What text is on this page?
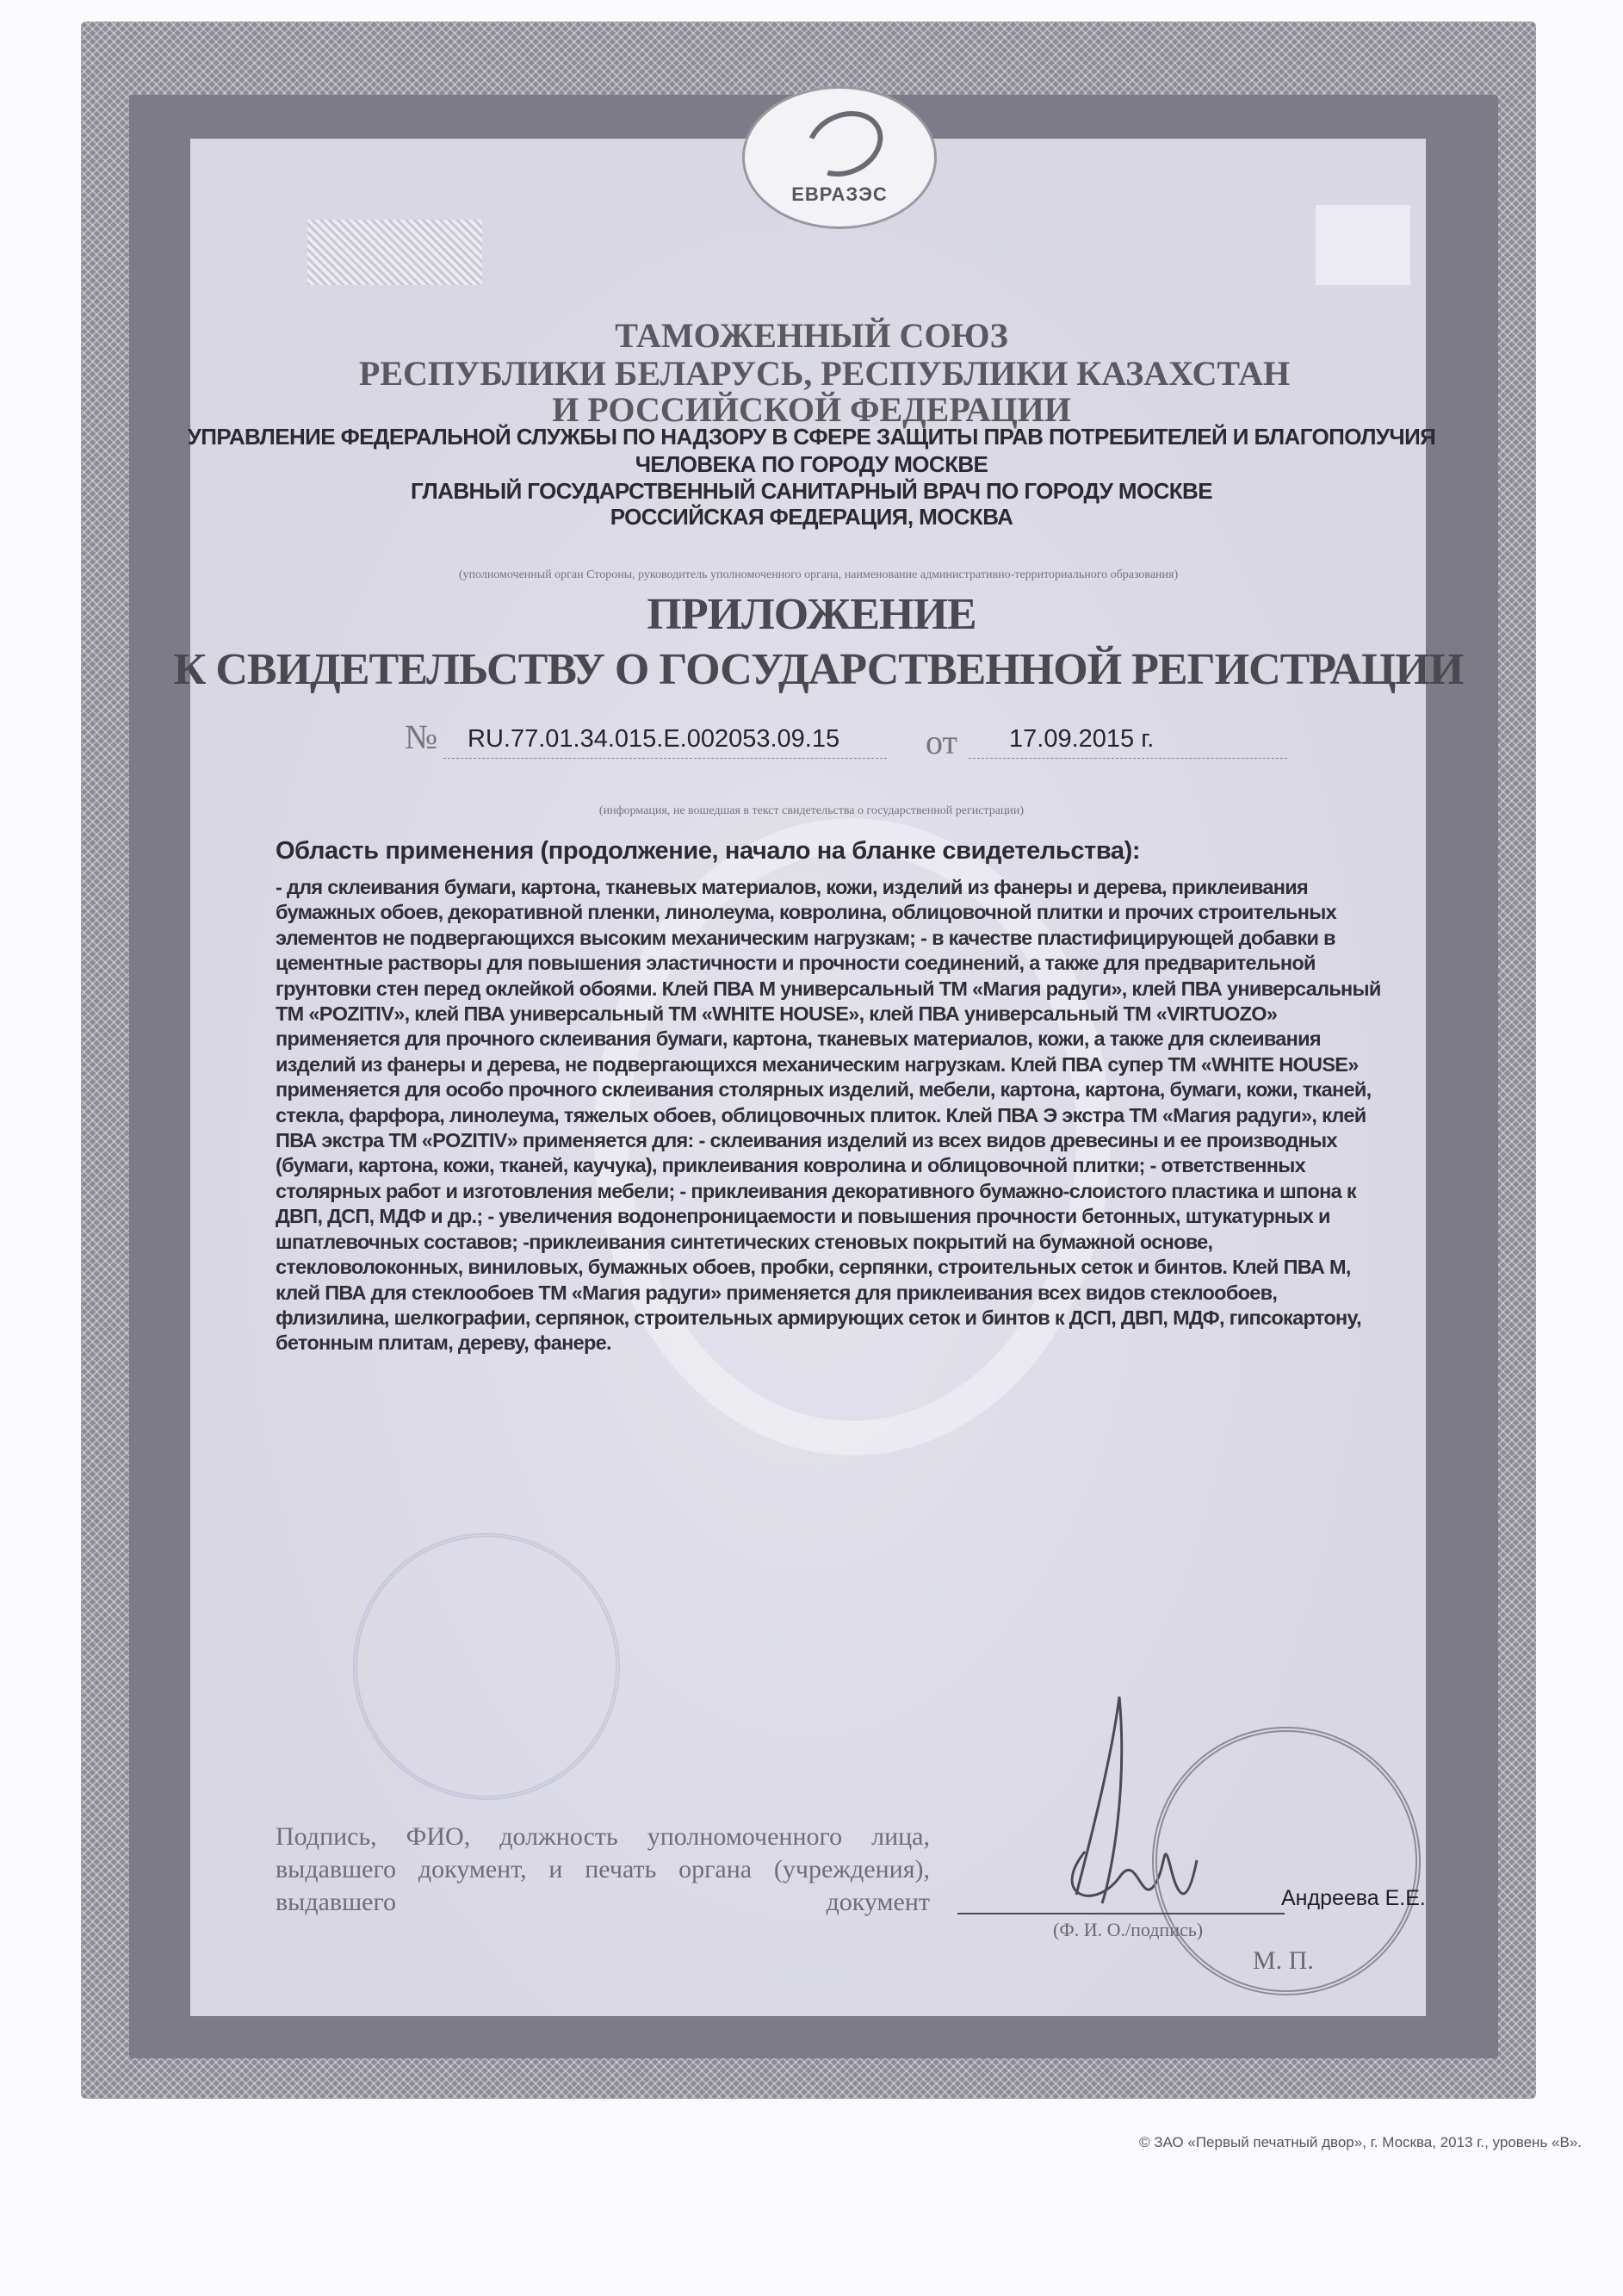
ЕВРАЗЭС
ТАМОЖЕННЫЙ СОЮЗ
РЕСПУБЛИКИ БЕЛАРУСЬ, РЕСПУБЛИКИ КАЗАХСТАН
И РОССИЙСКОЙ ФЕДЕРАЦИИ
УПРАВЛЕНИЕ ФЕДЕРАЛЬНОЙ СЛУЖБЫ ПО НАДЗОРУ В СФЕРЕ ЗАЩИТЫ ПРАВ ПОТРЕБИТЕЛЕЙ И БЛАГОПОЛУЧИЯ
ЧЕЛОВЕКА ПО ГОРОДУ МОСКВЕ
ГЛАВНЫЙ ГОСУДАРСТВЕННЫЙ САНИТАРНЫЙ ВРАЧ ПО ГОРОДУ МОСКВЕ
РОССИЙСКАЯ ФЕДЕРАЦИЯ, МОСКВА
(уполномоченный орган Стороны, руководитель уполномоченного органа, наименование административно-территориального образования)
ПРИЛОЖЕНИЕ
К СВИДЕТЕЛЬСТВУ О ГОСУДАРСТВЕННОЙ РЕГИСТРАЦИИ
№ RU.77.01.34.015.E.002053.09.15 от 17.09.2015 г.
(информация, не вошедшая в текст свидетельства о государственной регистрации)
Область применения (продолжение, начало на бланке свидетельства):
- для склеивания бумаги, картона, тканевых материалов, кожи, изделий из фанеры и дерева, приклеивания
бумажных обоев, декоративной пленки, линолеума, ковролина, облицовочной плитки и прочих строительных
элементов не подвергающихся высоким механическим нагрузкам; - в качестве пластифицирующей добавки в
цементные растворы для повышения эластичности и прочности соединений, а также для предварительной
грунтовки стен перед оклейкой обоями. Клей ПВА М универсальный ТМ «Магия радуги», клей ПВА универсальный
ТМ «POZITIV», клей ПВА универсальный ТМ «WHITE HOUSE», клей ПВА универсальный ТМ «VIRTUOZO»
применяется для прочного склеивания бумаги, картона, тканевых материалов, кожи, а также для склеивания
изделий из фанеры и дерева, не подвергающихся механическим нагрузкам. Клей ПВА супер ТМ «WHITE HOUSE»
применяется для особо прочного склеивания столярных изделий, мебели, картона, картона, бумаги, кожи, тканей,
стекла, фарфора, линолеума, тяжелых обоев, облицовочных плиток. Клей ПВА Э экстра ТМ «Магия радуги», клей
ПВА экстра ТМ «POZITIV» применяется для: - склеивания изделий из всех видов древесины и ее производных
(бумаги, картона, кожи, тканей, каучука), приклеивания ковролина и облицовочной плитки; - ответственных
столярных работ и изготовления мебели; - приклеивания декоративного бумажно-слоистого пластика и шпона к
ДВП, ДСП, МДФ и др.; - увеличения водонепроницаемости и повышения прочности бетонных, штукатурных и
шпатлевочных составов; -приклеивания синтетических стеновых покрытий на бумажной основе,
стекловолоконных, виниловых, бумажных обоев, пробки, серпянки, строительных сеток и бинтов. Клей ПВА М,
клей ПВА для стеклообоев ТМ «Магия радуги» применяется для приклеивания всех видов стеклообоев,
флизилина, шелкографии, серпянок, строительных армирующих сеток и бинтов к ДСП, ДВП, МДФ, гипсокартону,
бетонным плитам, дереву, фанере.
Подпись, ФИО, должность уполномоченного лица, выдавшего документ, и печать органа (учреждения), выдавшего документ
(Ф. И. О./подпись)
Андреева Е.Е.
М. П.
© ЗАО «Первый печатный двор», г. Москва, 2013 г., уровень «В».
